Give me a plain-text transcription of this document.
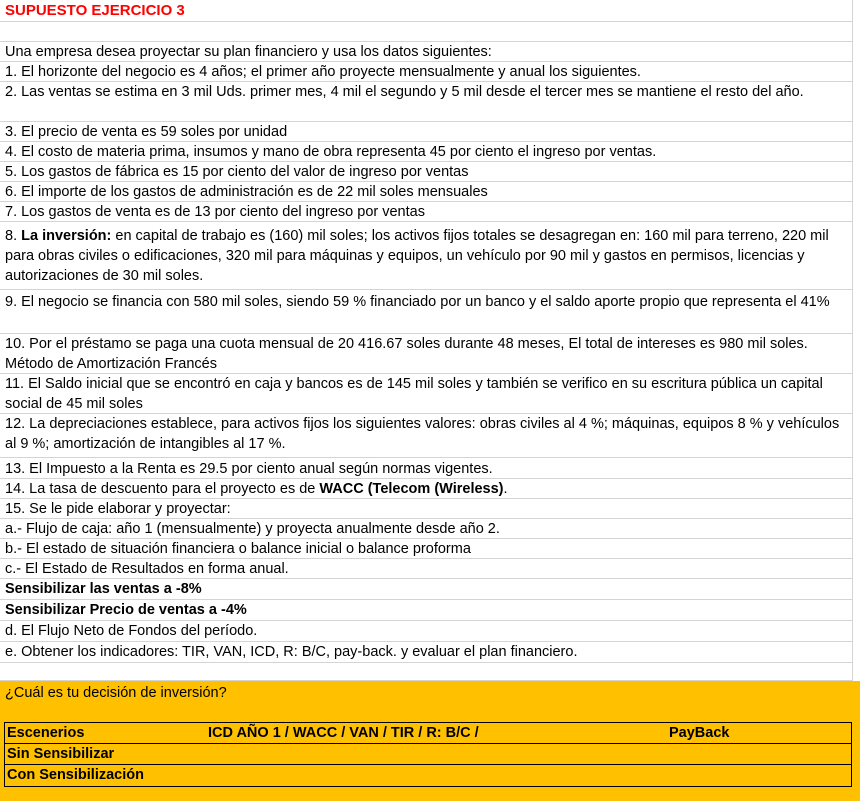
SUPUESTO EJERCICIO 3
Una empresa desea proyectar su plan financiero y usa los datos siguientes:
1. El horizonte del negocio es 4 años; el primer año proyecte mensualmente y anual los siguientes.
2. Las ventas se estima en 3 mil Uds. primer mes, 4 mil el segundo y 5 mil desde el tercer mes se mantiene el resto del año.
3. El precio de venta es 59 soles por unidad
4. El costo de materia prima, insumos y mano de obra representa 45 por ciento el ingreso por ventas.
5. Los gastos de fábrica es 15 por ciento del valor de ingreso por ventas
6. El importe de los gastos de administración es de 22 mil soles mensuales
7. Los gastos de venta es de 13 por ciento del ingreso por ventas
8. La inversión: en capital de trabajo es (160) mil soles; los activos fijos totales se desagregan en: 160 mil para terreno, 220 mil para obras civiles o edificaciones, 320 mil para máquinas y equipos, un vehículo por 90 mil y gastos en permisos, licencias y autorizaciones de 30 mil soles.
9. El negocio se financia con 580 mil soles, siendo 59 % financiado por un banco y el saldo aporte propio que representa el 41%
10. Por el préstamo se paga una cuota mensual de 20 416.67 soles durante 48 meses, El total de intereses es 980 mil soles. Método de Amortización Francés
11. El Saldo inicial que se encontró en caja y bancos es de 145 mil soles y también se verifico en su escritura pública un capital social de 45 mil soles
12. La depreciaciones establece, para activos fijos los siguientes valores: obras civiles al 4 %; máquinas, equipos 8 % y vehículos al 9 %; amortización de intangibles al 17 %.
13. El Impuesto a la Renta es 29.5 por ciento anual según normas vigentes.
14. La tasa de descuento para el proyecto es de WACC (Telecom (Wireless).
15. Se le pide elaborar y proyectar:
a.- Flujo de caja: año 1 (mensualmente) y proyecta anualmente desde año 2.
b.- El estado de situación financiera o balance inicial o balance proforma
c.- El Estado de Resultados en forma anual.
Sensibilizar las ventas a -8%
Sensibilizar Precio de ventas a -4%
d. El Flujo Neto de Fondos del período.
e. Obtener los indicadores: TIR, VAN, ICD, R: B/C, pay-back. y evaluar el plan financiero.
¿Cuál es tu decisión de inversión?
Escenerios	ICD AÑO 1 / WACC / VAN / TIR / R: B/C /	PayBack
Sin Sensibilizar
Con Sensibilización
